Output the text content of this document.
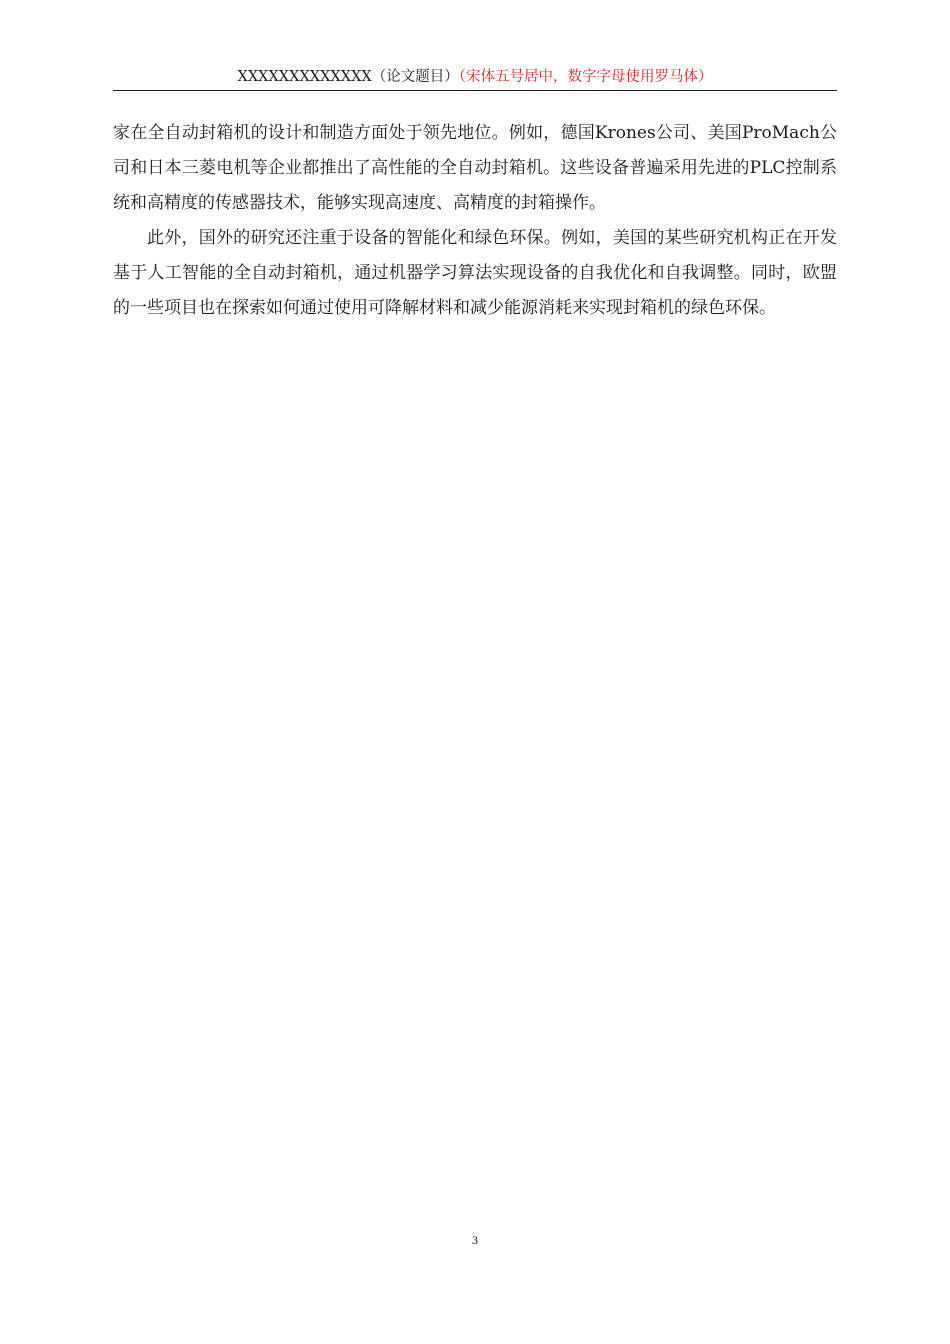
XXXXXXXXXXXXX（论文题目）（宋体五号居中，数字字母使用罗马体）

家在全自动封箱机的设计和制造方面处于领先地位。例如，德国Krones公司、美国ProMach公司和日本三菱电机等企业都推出了高性能的全自动封箱机。这些设备普遍采用先进的PLC控制系统和高精度的传感器技术，能够实现高速度、高精度的封箱操作。

此外，国外的研究还注重于设备的智能化和绿色环保。例如，美国的某些研究机构正在开发基于人工智能的全自动封箱机，通过机器学习算法实现设备的自我优化和自我调整。同时，欧盟的一些项目也在探索如何通过使用可降解材料和减少能源消耗来实现封箱机的绿色环保。

3
